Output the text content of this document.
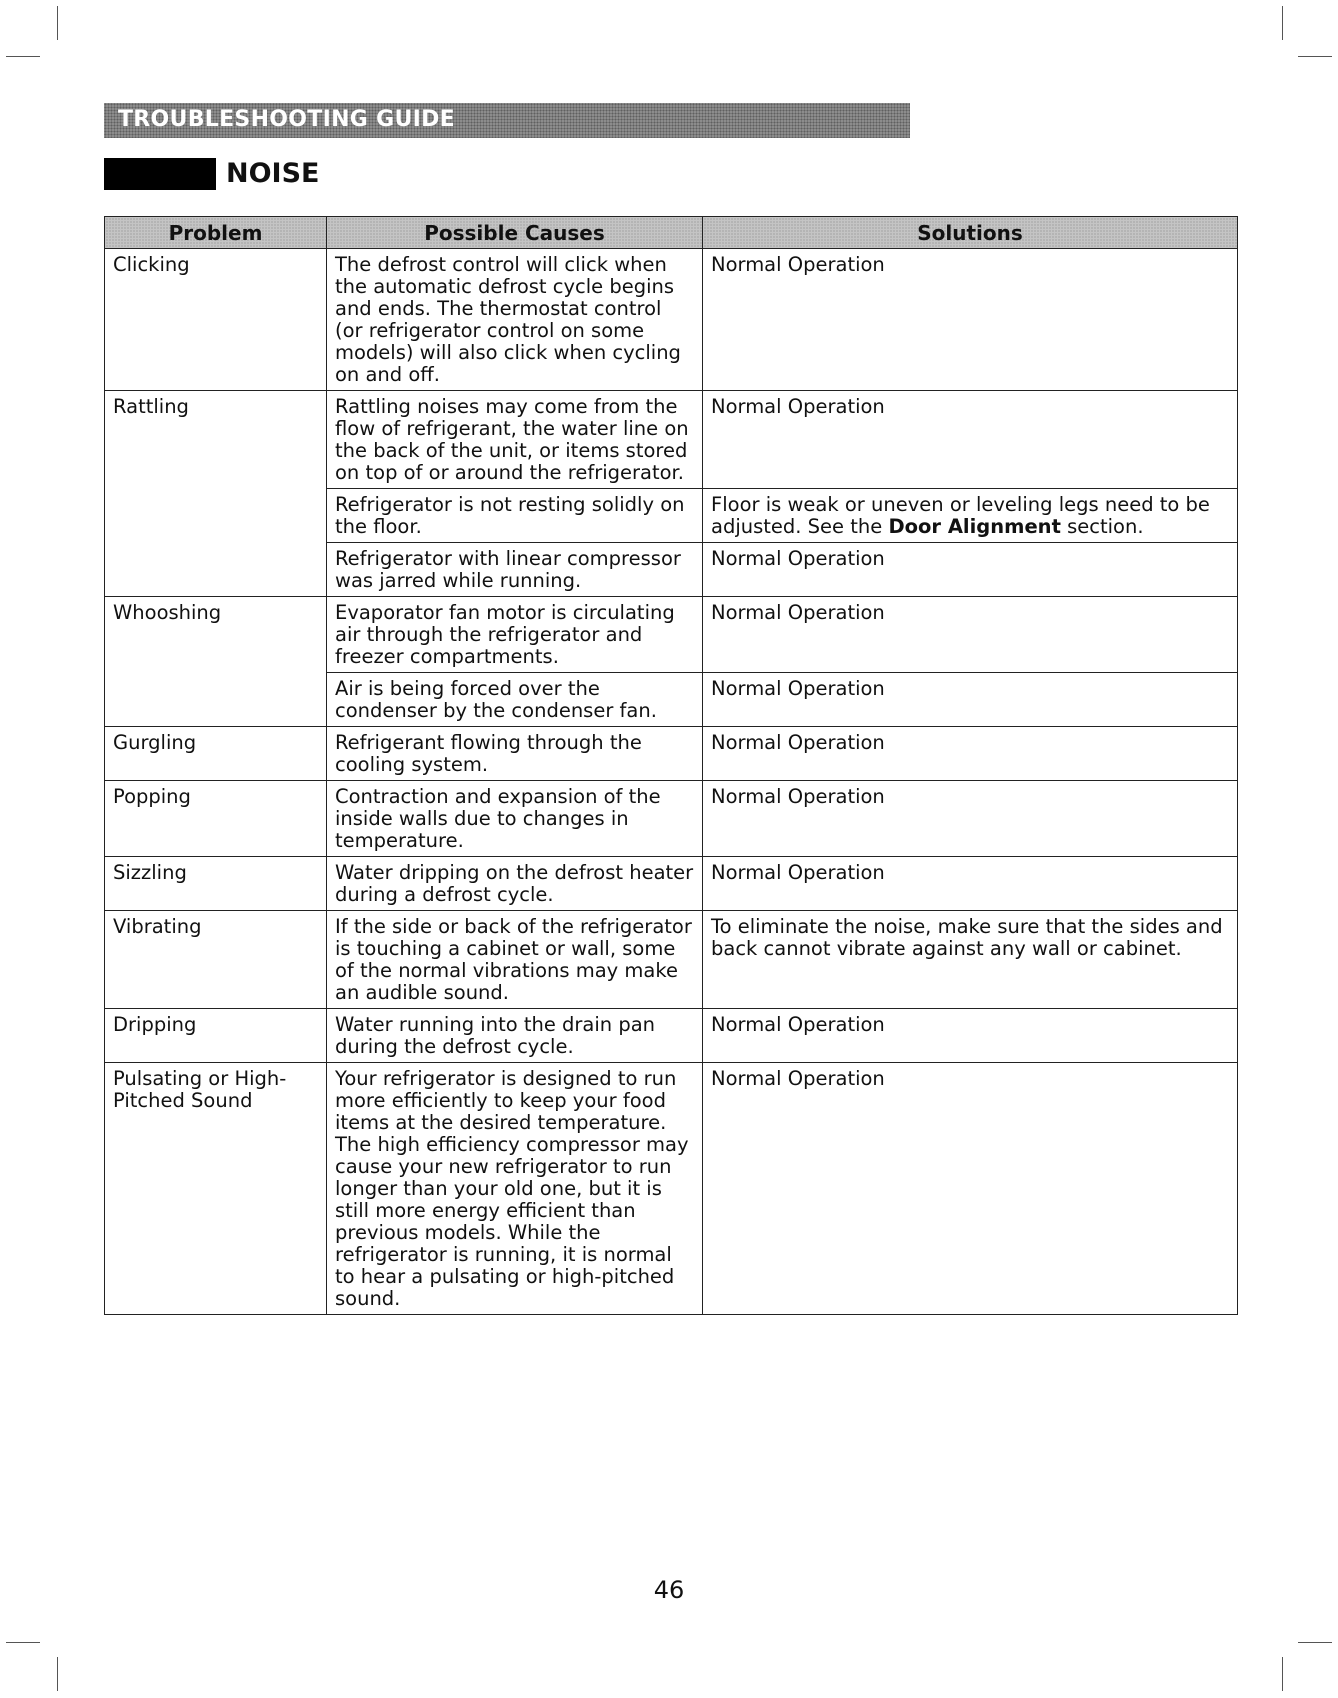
TROUBLESHOOTING GUIDE
NOISE
Problem	Possible Causes	Solutions
Clicking	The defrost control will click when the automatic defrost cycle begins and ends. The thermostat control (or refrigerator control on some models) will also click when cycling on and off.	Normal Operation
Rattling	Rattling noises may come from the flow of refrigerant, the water line on the back of the unit, or items stored on top of or around the refrigerator.	Normal Operation
	Refrigerator is not resting solidly on the floor.	Floor is weak or uneven or leveling legs need to be adjusted. See the Door Alignment section.
	Refrigerator with linear compressor was jarred while running.	Normal Operation
Whooshing	Evaporator fan motor is circulating air through the refrigerator and freezer compartments.	Normal Operation
	Air is being forced over the condenser by the condenser fan.	Normal Operation
Gurgling	Refrigerant flowing through the cooling system.	Normal Operation
Popping	Contraction and expansion of the inside walls due to changes in temperature.	Normal Operation
Sizzling	Water dripping on the defrost heater during a defrost cycle.	Normal Operation
Vibrating	If the side or back of the refrigerator is touching a cabinet or wall, some of the normal vibrations may make an audible sound.	To eliminate the noise, make sure that the sides and back cannot vibrate against any wall or cabinet.
Dripping	Water running into the drain pan during the defrost cycle.	Normal Operation
Pulsating or High-Pitched Sound	Your refrigerator is designed to run more efficiently to keep your food items at the desired temperature. The high efficiency compressor may cause your new refrigerator to run longer than your old one, but it is still more energy efficient than previous models. While the refrigerator is running, it is normal to hear a pulsating or high-pitched sound.	Normal Operation
46
